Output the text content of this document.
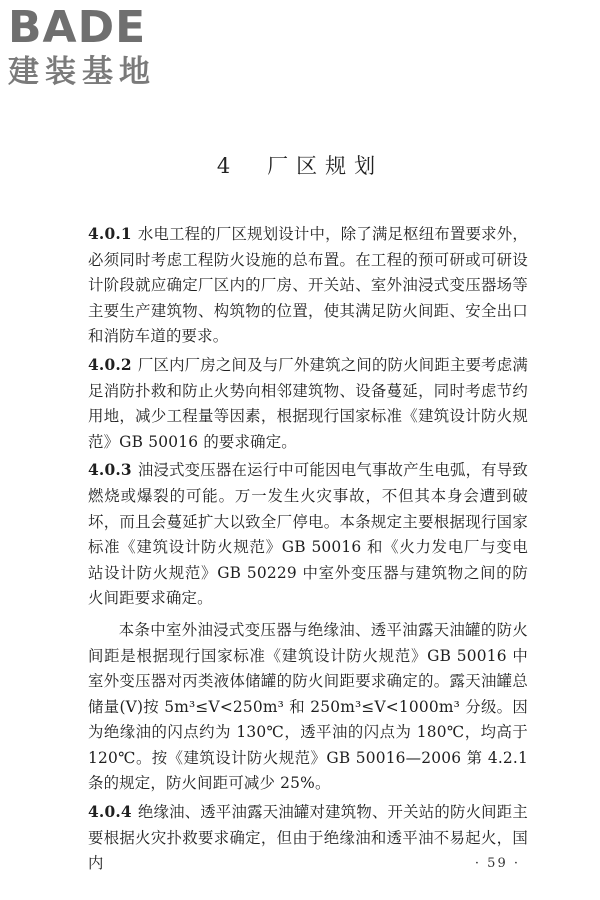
BADE
建装基地
4　厂区规划

4.0.1 水电工程的厂区规划设计中，除了满足枢纽布置要求外，必须同时考虑工程防火设施的总布置。在工程的预可研或可研设计阶段就应确定厂区内的厂房、开关站、室外油浸式变压器场等主要生产建筑物、构筑物的位置，使其满足防火间距、安全出口和消防车道的要求。

4.0.2 厂区内厂房之间及与厂外建筑之间的防火间距主要考虑满足消防扑救和防止火势向相邻建筑物、设备蔓延，同时考虑节约用地，减少工程量等因素，根据现行国家标准《建筑设计防火规范》GB 50016 的要求确定。

4.0.3 油浸式变压器在运行中可能因电气事故产生电弧，有导致燃烧或爆裂的可能。万一发生火灾事故，不但其本身会遭到破坏，而且会蔓延扩大以致全厂停电。本条规定主要根据现行国家标准《建筑设计防火规范》GB 50016 和《火力发电厂与变电站设计防火规范》GB 50229 中室外变压器与建筑物之间的防火间距要求确定。

本条中室外油浸式变压器与绝缘油、透平油露天油罐的防火间距是根据现行国家标准《建筑设计防火规范》GB 50016 中室外变压器对丙类液体储罐的防火间距要求确定的。露天油罐总储量(V)按 5m³≤V<250m³ 和 250m³≤V<1000m³ 分级。因为绝缘油的闪点约为 130℃，透平油的闪点为 180℃，均高于 120℃。按《建筑设计防火规范》GB 50016—2006 第 4.2.1 条的规定，防火间距可减少 25%。

4.0.4 绝缘油、透平油露天油罐对建筑物、开关站的防火间距主要根据火灾扑救要求确定，但由于绝缘油和透平油不易起火，国内	· 59 ·
